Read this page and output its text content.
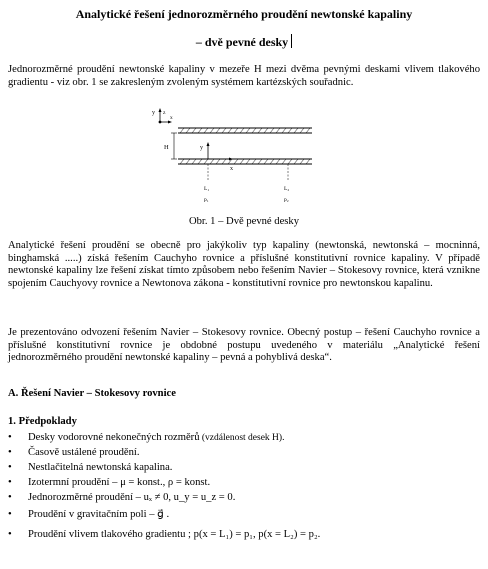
Analytické řešení jednorozměrného proudění newtonské kapaliny
– dvě pevné desky
Jednorozměrné proudění newtonské kapaliny v mezeře H mezi dvěma pevnými deskami vlivem tlakového gradientu - viz obr. 1 se zakresleným zvoleným systémem kartézských souřadnic.
y z
x
H	y
x
L₁
p₁
L₂
p₂
Obr. 1 – Dvě pevné desky
Analytické řešení proudění se obecně pro jakýkoliv typ kapaliny (newtonská, newtonská – mocninná, binghamská .....) získá řešením Cauchyho rovnice a příslušné konstitutivní rovnice kapaliny. V případě newtonské kapaliny lze řešení získat tímto způsobem nebo řešením Navier – Stokesovy rovnice, která vznikne spojením Cauchyovy rovnice a Newtonova zákona - konstitutivní rovnice pro newtonskou kapalinu.
Je prezentováno odvození řešením Navier – Stokesovy rovnice. Obecný postup – řešení Cauchyho rovnice a příslušné konstitutivní rovnice je obdobné postupu uvedeného v materiálu „Analytické řešení jednorozměrného proudění newtonské kapaliny – pevná a pohyblivá deska“.
A. Řešení Navier – Stokesovy rovnice
1. Předpoklady
• Desky vodorovné nekonečných rozměrů (vzdálenost desek H).
• Časově ustálené proudění.
• Nestlačitelná newtonská kapalina.
• Izotermní proudění – μ = konst., ρ = konst.
• Jednorozměrné proudění – uₓ ≠ 0, u_y = u_z = 0.
• Proudění v gravitačním poli – g⃗ .
• Proudění vlivem tlakového gradientu ; p(x = L₁) = p₁, p(x = L₂) = p₂.
